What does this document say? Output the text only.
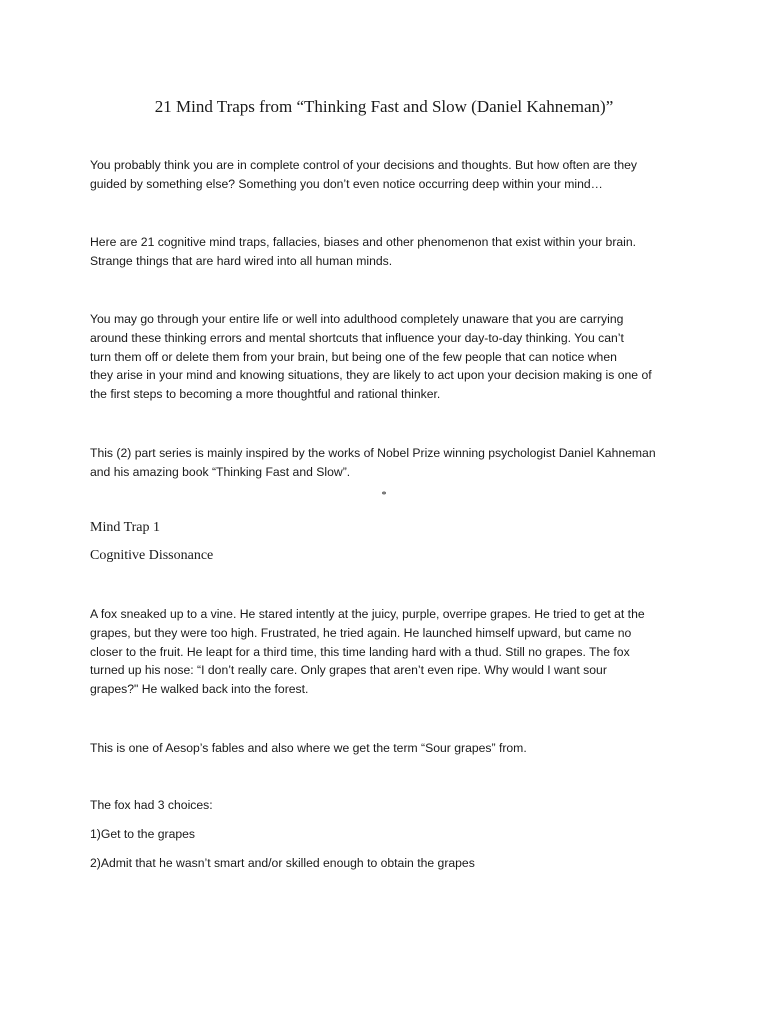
21 Mind Traps from “Thinking Fast and Slow (Daniel Kahneman)”

You probably think you are in complete control of your decisions and thoughts. But how often are they
guided by something else? Something you don’t even notice occurring deep within your mind…

Here are 21 cognitive mind traps, fallacies, biases and other phenomenon that exist within your brain.
Strange things that are hard wired into all human minds.

You may go through your entire life or well into adulthood completely unaware that you are carrying
around these thinking errors and mental shortcuts that influence your day-to-day thinking. You can’t
turn them off or delete them from your brain, but being one of the few people that can notice when
they arise in your mind and knowing situations, they are likely to act upon your decision making is one of
the first steps to becoming a more thoughtful and rational thinker.

This (2) part series is mainly inspired by the works of Nobel Prize winning psychologist Daniel Kahneman
and his amazing book “Thinking Fast and Slow”.

*

Mind Trap 1

Cognitive Dissonance

A fox sneaked up to a vine. He stared intently at the juicy, purple, overripe grapes. He tried to get at the
grapes, but they were too high. Frustrated, he tried again. He launched himself upward, but came no
closer to the fruit. He leapt for a third time, this time landing hard with a thud. Still no grapes. The fox
turned up his nose: “I don’t really care. Only grapes that aren’t even ripe. Why would I want sour
grapes?" He walked back into the forest.

This is one of Aesop’s fables and also where we get the term “Sour grapes” from.

The fox had 3 choices:

1)Get to the grapes

2)Admit that he wasn’t smart and/or skilled enough to obtain the grapes
